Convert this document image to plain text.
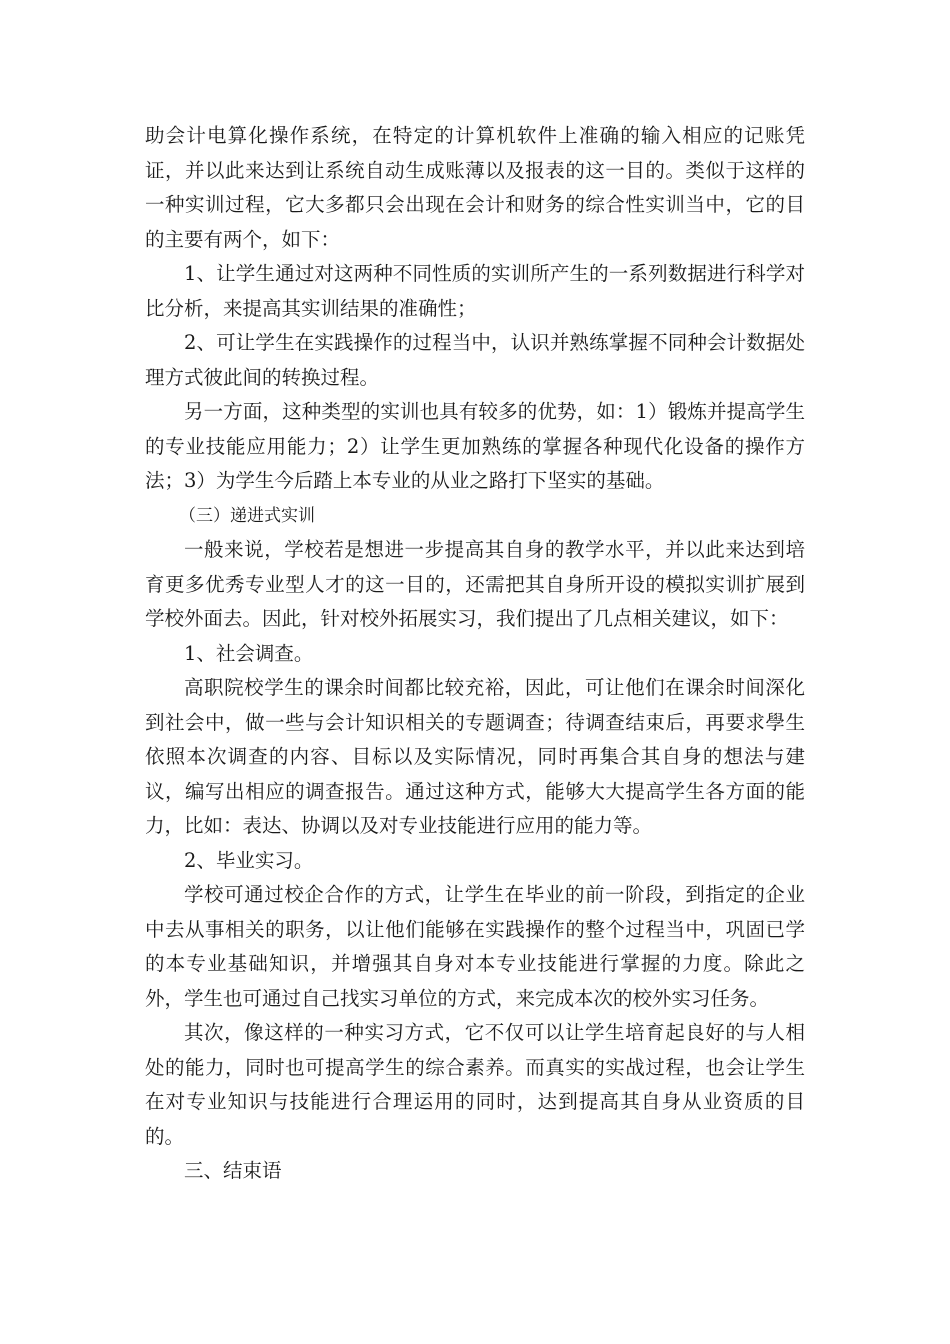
助会计电算化操作系统，在特定的计算机软件上准确的输入相应的记账凭证，并以此来达到让系统自动生成账薄以及报表的这一目的。类似于这样的一种实训过程，它大多都只会出现在会计和财务的综合性实训当中，它的目的主要有两个，如下：

1、让学生通过对这两种不同性质的实训所产生的一系列数据进行科学对比分析，来提高其实训结果的准确性；

2、可让学生在实践操作的过程当中，认识并熟练掌握不同种会计数据处理方式彼此间的转换过程。

另一方面，这种类型的实训也具有较多的优势，如：1）锻炼并提高学生的专业技能应用能力；2）让学生更加熟练的掌握各种现代化设备的操作方法；3）为学生今后踏上本专业的从业之路打下坚实的基础。

（三）递进式实训

一般来说，学校若是想进一步提高其自身的教学水平，并以此来达到培育更多优秀专业型人才的这一目的，还需把其自身所开设的模拟实训扩展到学校外面去。因此，针对校外拓展实习，我们提出了几点相关建议，如下：

1、社会调查。

高职院校学生的课余时间都比较充裕，因此，可让他们在课余时间深化到社会中，做一些与会计知识相关的专题调查；待调查结束后，再要求學生依照本次调查的内容、目标以及实际情况，同时再集合其自身的想法与建议，编写出相应的调查报告。通过这种方式，能够大大提高学生各方面的能力，比如：表达、协调以及对专业技能进行应用的能力等。

2、毕业实习。

学校可通过校企合作的方式，让学生在毕业的前一阶段，到指定的企业中去从事相关的职务，以让他们能够在实践操作的整个过程当中，巩固已学的本专业基础知识，并增强其自身对本专业技能进行掌握的力度。除此之外，学生也可通过自己找实习单位的方式，来完成本次的校外实习任务。

其次，像这样的一种实习方式，它不仅可以让学生培育起良好的与人相处的能力，同时也可提高学生的综合素养。而真实的实战过程，也会让学生在对专业知识与技能进行合理运用的同时，达到提高其自身从业资质的目的。

三、结束语
